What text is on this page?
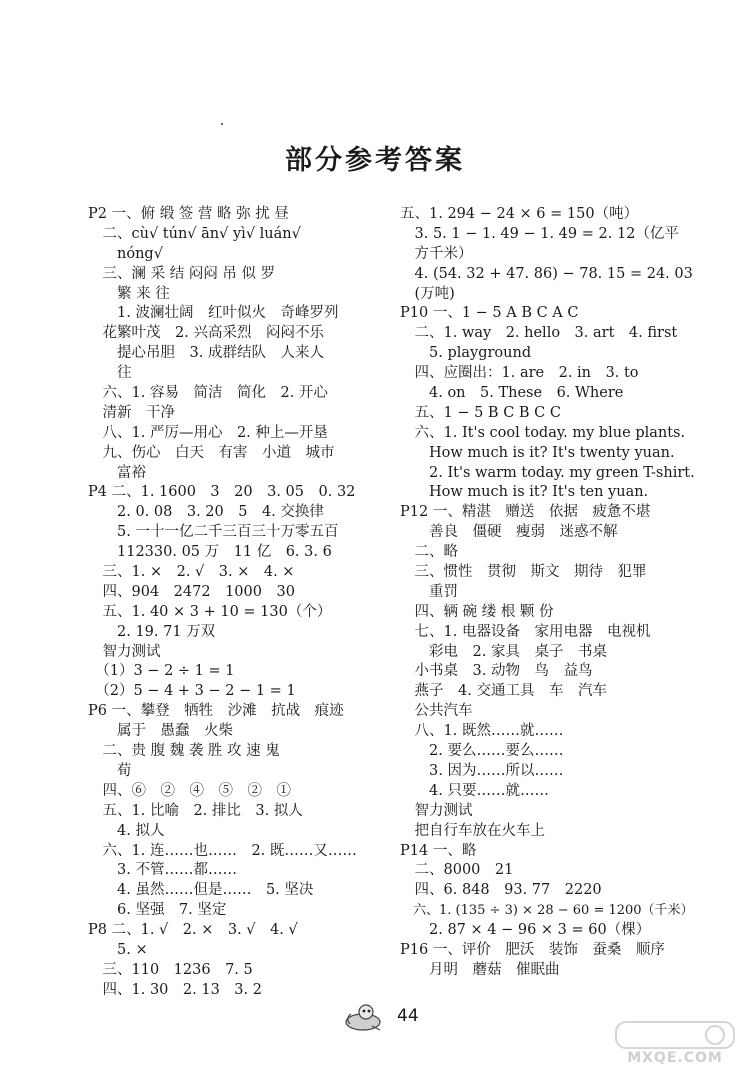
部分参考答案
P2 一、俯 缎 签 营 略 弥 扰 昼
　二、cù√ tún√ ān√ yì√ luán√
　　nóng√
　三、澜 采 结 闷闷 吊 似 罗
　　繁 来 往
　　1. 波澜壮阔　红叶似火　奇峰罗列
　花繁叶茂　2. 兴高采烈　闷闷不乐
　　提心吊胆　3. 成群结队　人来人
　　往
　六、1. 容易　简洁　简化　2. 开心
　清新　干净
　八、1. 严厉—用心　2. 种上—开垦
　九、伤心　白天　有害　小道　城市
　　富裕
P4 二、1. 1600　3　20　3. 05　0. 32
　　2. 0. 08　3. 20　5　4. 交换律
　　5. 一十一亿二千三百三十万零五百
　　112330. 05 万　11 亿　6. 3. 6
　三、1. ×　2. √　3. ×　4. ×
　四、904　2472　1000　30
　五、1. 40 × 3 + 10 = 130（个）
　　2. 19. 71 万双
　智力测试
　（1）3 − 2 ÷ 1 = 1
　（2）5 − 4 + 3 − 2 − 1 = 1
P6 一、攀登　牺牲　沙滩　抗战　痕迹
　　属于　愚蠢　火柴
　二、贵 腹 魏 袭 胜 攻 速 鬼
　　荀
　四、⑥　②　④　⑤　②　①
　五、1. 比喻　2. 排比　3. 拟人
　　4. 拟人
　六、1. 连……也……　2. 既……又……
　　3. 不管……都……
　　4. 虽然……但是……　5. 坚决
　　6. 坚强　7. 坚定
P8 二、1. √　2. ×　3. √　4. √
　　5. ×
　三、110　1236　7. 5
　四、1. 30　2. 13　3. 2
五、1. 294 − 24 × 6 = 150（吨）
　3. 5. 1 − 1. 49 − 1. 49 = 2. 12（亿平
　方千米）
　4. (54. 32 + 47. 86) − 78. 15 = 24. 03
　(万吨)
P10 一、1 − 5 A B C A C
　二、1. way　2. hello　3. art　4. first
　　5. playground
　四、应圈出：1. are　2. in　3. to
　　4. on　5. These　6. Where
　五、1 − 5 B C B C C
　六、1. It's cool today. my blue plants.
　　How much is it? It's twenty yuan.
　　2. It's warm today. my green T-shirt.
　　How much is it? It's ten yuan.
P12 一、精湛　赠送　依据　疲惫不堪
　　善良　僵硬　瘦弱　迷惑不解
　二、略
　三、惯性　贯彻　斯文　期待　犯罪
　　重罚
　四、辆 碗 缕 根 颗 份
　七、1. 电器设备　家用电器　电视机
　　彩电　2. 家具　桌子　书桌
　小书桌　3. 动物　鸟　益鸟
　燕子　4. 交通工具　车　汽车
　公共汽车
　八、1. 既然……就……
　　2. 要么……要么……
　　3. 因为……所以……
　　4. 只要……就……
　智力测试
　把自行车放在火车上
P14 一、略
　二、8000　21
　四、6. 848　93. 77　2220
　六、1. (135 ÷ 3) × 28 − 60 = 1200（千米）
　　2. 87 × 4 − 96 × 3 = 60（棵）
P16 一、评价　肥沃　装饰　蚕桑　顺序
　　月明　蘑菇　催眠曲
44
MXQE.COM
